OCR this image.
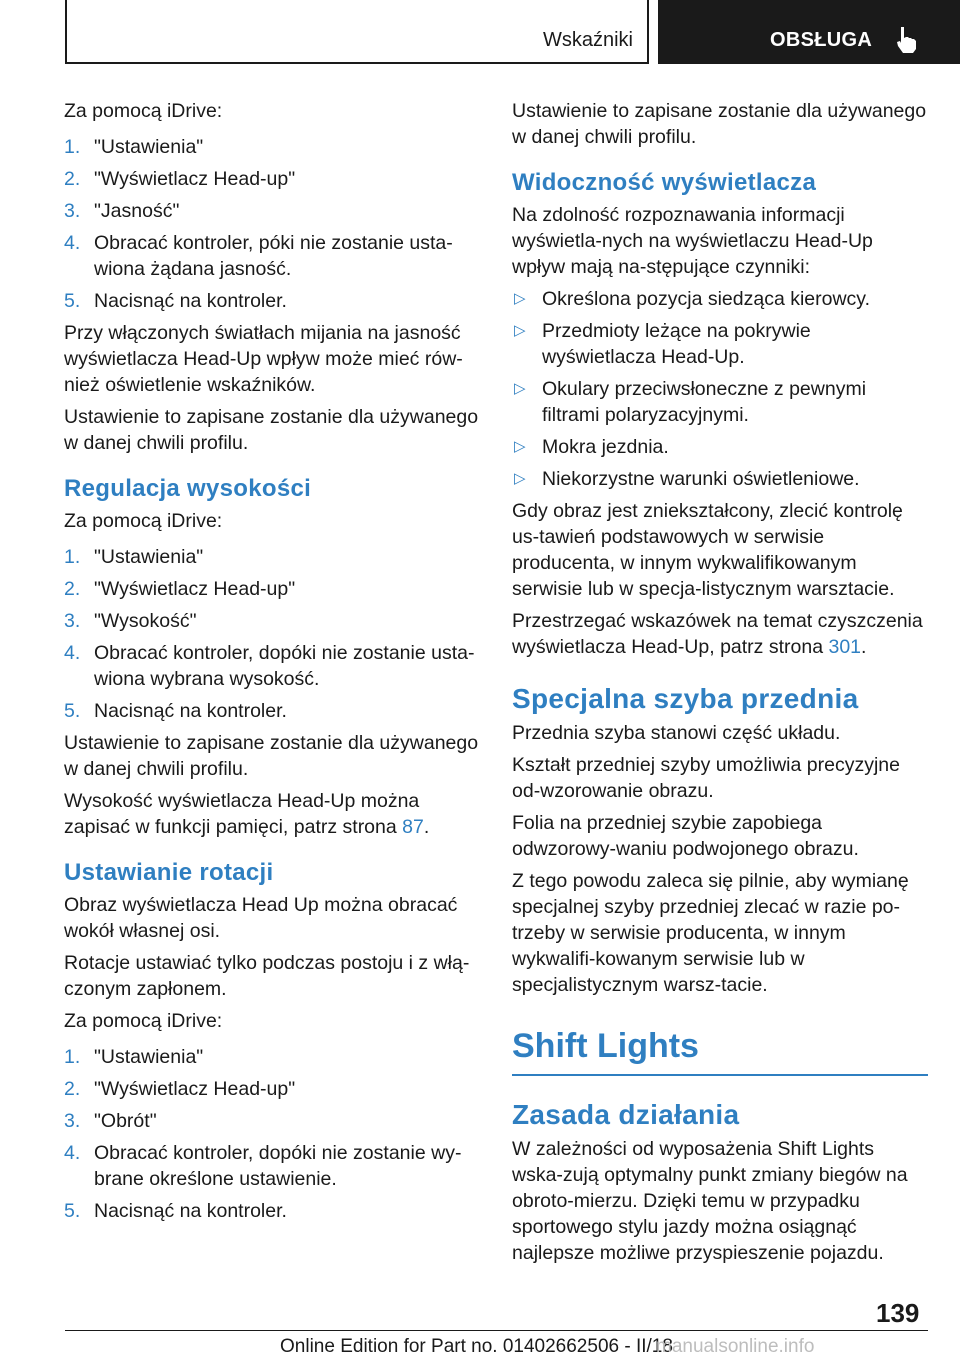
Wskaźniki	OBSŁUGA

Za pomocą iDrive:

1. "Ustawienia"
2. "Wyświetlacz Head-up"
3. "Jasność"
4. Obracać kontroler, póki nie zostanie usta-wiona żądana jasność.
5. Nacisnąć na kontroler.

Przy włączonych światłach mijania na jasność wyświetlacza Head-Up wpływ może mieć rów-nież oświetlenie wskaźników.

Ustawienie to zapisane zostanie dla używanego w danej chwili profilu.

Regulacja wysokości

Za pomocą iDrive:

1. "Ustawienia"
2. "Wyświetlacz Head-up"
3. "Wysokość"
4. Obracać kontroler, dopóki nie zostanie usta-wiona wybrana wysokość.
5. Nacisnąć na kontroler.

Ustawienie to zapisane zostanie dla używanego w danej chwili profilu.

Wysokość wyświetlacza Head-Up można zapisać w funkcji pamięci, patrz strona 87.

Ustawianie rotacji

Obraz wyświetlacza Head Up można obracać wokół własnej osi.

Rotacje ustawiać tylko podczas postoju i z włą-czonym zapłonem.

Za pomocą iDrive:

1. "Ustawienia"
2. "Wyświetlacz Head-up"
3. "Obrót"
4. Obracać kontroler, dopóki nie zostanie wy-brane określone ustawienie.
5. Nacisnąć na kontroler.

Ustawienie to zapisane zostanie dla używanego w danej chwili profilu.

Widoczność wyświetlacza

Na zdolność rozpoznawania informacji wyświetla-nych na wyświetlaczu Head-Up wpływ mają na-stępujące czynniki:

▷ Określona pozycja siedząca kierowcy.
▷ Przedmioty leżące na pokrywie wyświetlacza Head-Up.
▷ Okulary przeciwsłoneczne z pewnymi filtrami polaryzacyjnymi.
▷ Mokra jezdnia.
▷ Niekorzystne warunki oświetleniowe.

Gdy obraz jest zniekształcony, zlecić kontrolę us-tawień podstawowych w serwisie producenta, w innym wykwalifikowanym serwisie lub w specja-listycznym warsztacie.

Przestrzegać wskazówek na temat czyszczenia wyświetlacza Head-Up, patrz strona 301.

Specjalna szyba przednia

Przednia szyba stanowi część układu.

Kształt przedniej szyby umożliwia precyzyjne od-wzorowanie obrazu.

Folia na przedniej szybie zapobiega odwzorowy-waniu podwojonego obrazu.

Z tego powodu zaleca się pilnie, aby wymianę specjalnej szyby przedniej zlecać w razie po-trzeby w serwisie producenta, w innym wykwalifi-kowanym serwisie lub w specjalistycznym warsz-tacie.

Shift Lights
Zasada działania

W zależności od wyposażenia Shift Lights wska-zują optymalny punkt zmiany biegów na obroto-mierzu. Dzięki temu w przypadku sportowego stylu jazdy można osiągnąć najlepsze możliwe przyspieszenie pojazdu.

139
Online Edition for Part no. 01402662506 - II/18
manualsonline.info
